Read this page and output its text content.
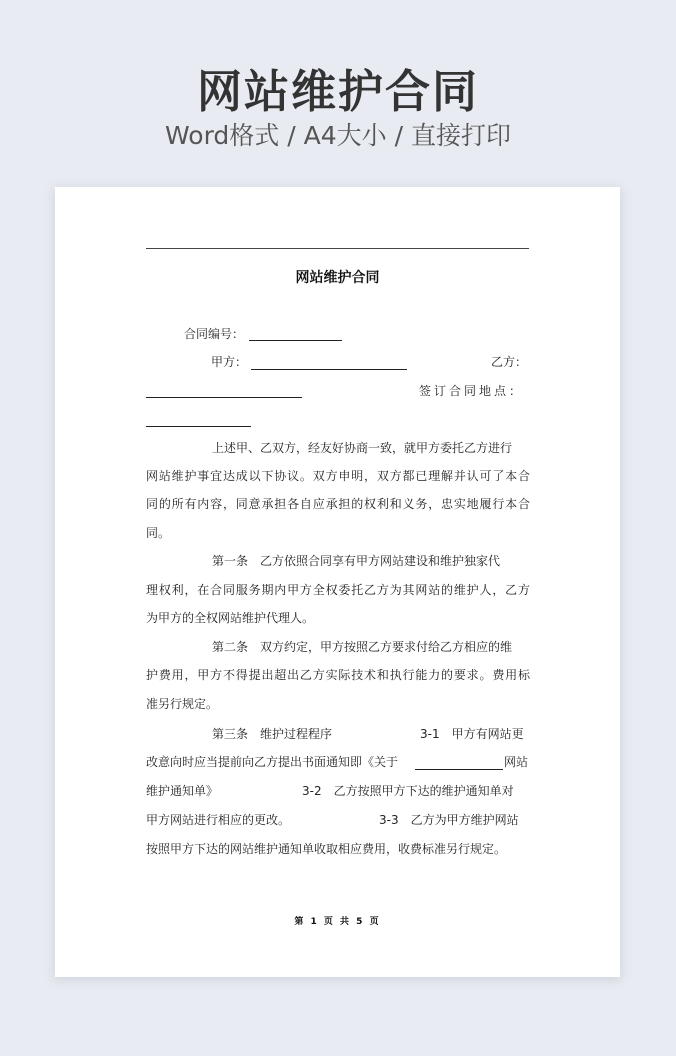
网站维护合同
Word格式 / A4大小 / 直接打印
网站维护合同
合同编号：
甲方：	乙方：
签订合同地点：
上述甲、乙双方，经友好协商一致，就甲方委托乙方进行
网站维护事宜达成以下协议。双方申明，双方都已理解并认可了本合
同的所有内容，同意承担各自应承担的权利和义务，忠实地履行本合
同。
第一条　乙方依照合同享有甲方网站建设和维护独家代
理权利，在合同服务期内甲方全权委托乙方为其网站的维护人，乙方
为甲方的全权网站维护代理人。
第二条　双方约定，甲方按照乙方要求付给乙方相应的维
护费用，甲方不得提出超出乙方实际技术和执行能力的要求。费用标
准另行规定。
第三条　维护过程程序	3-1　甲方有网站更
改意向时应当提前向乙方提出书面通知即《关于	网站
维护通知单》	3-2　乙方按照甲方下达的维护通知单对
甲方网站进行相应的更改。	3-3　乙方为甲方维护网站
按照甲方下达的网站维护通知单收取相应费用，收费标准另行规定。
第 1 页 共 5 页
